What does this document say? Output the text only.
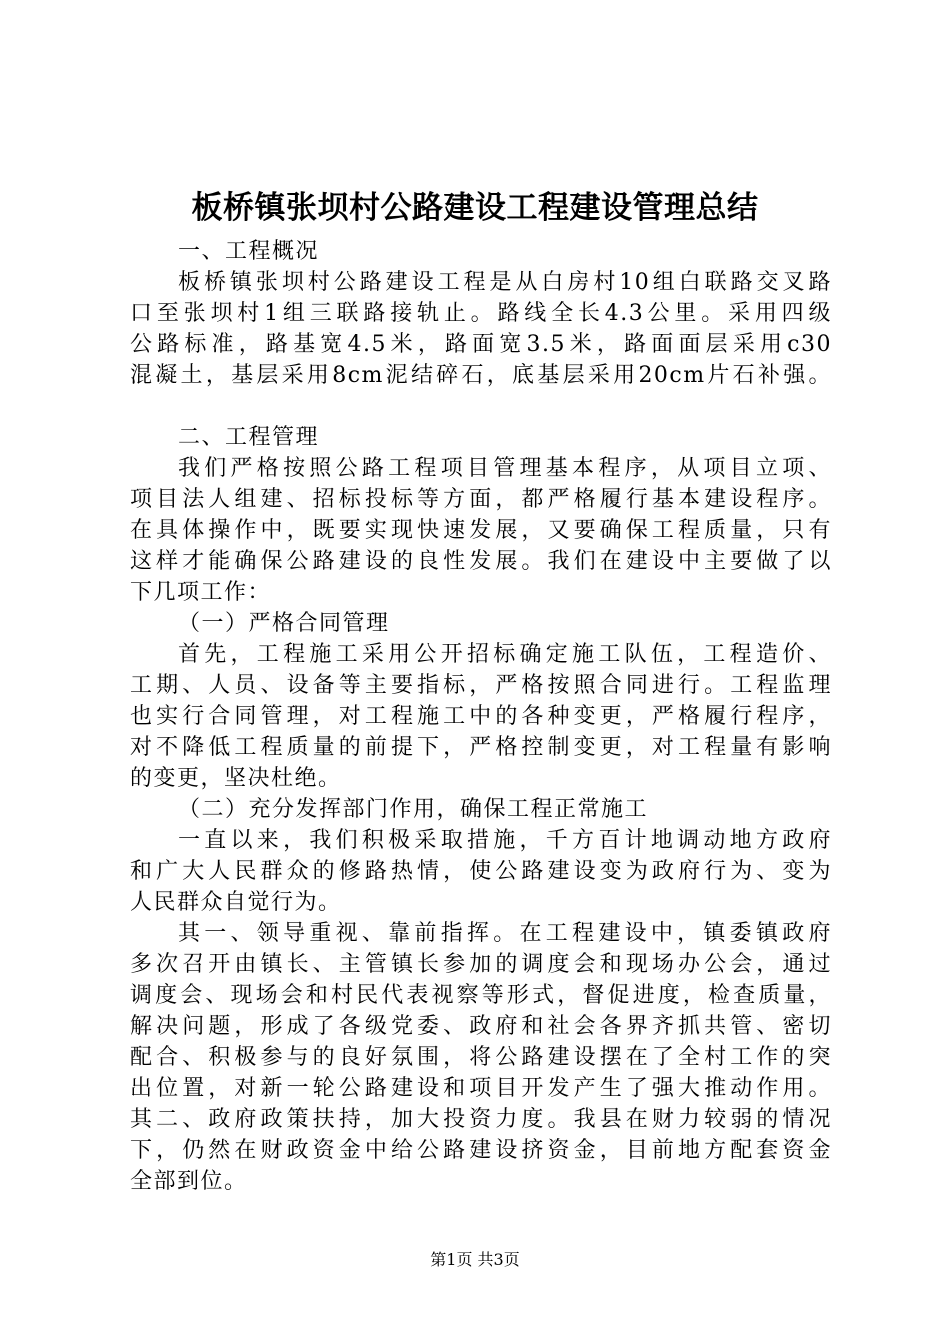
板桥镇张坝村公路建设工程建设管理总结
一、工程概况
板桥镇张坝村公路建设工程是从白房村10组白联路交叉路
口至张坝村1组三联路接轨止。路线全长4.3公里。采用四级
公路标准，路基宽4.5米，路面宽3.5米，路面面层采用c30
混凝土，基层采用8cm泥结碎石，底基层采用20cm片石补强。
二、工程管理
我们严格按照公路工程项目管理基本程序，从项目立项、
项目法人组建、招标投标等方面，都严格履行基本建设程序。
在具体操作中，既要实现快速发展，又要确保工程质量，只有
这样才能确保公路建设的良性发展。我们在建设中主要做了以
下几项工作：
（一）严格合同管理
首先，工程施工采用公开招标确定施工队伍，工程造价、
工期、人员、设备等主要指标，严格按照合同进行。工程监理
也实行合同管理，对工程施工中的各种变更，严格履行程序，
对不降低工程质量的前提下，严格控制变更，对工程量有影响
的变更，坚决杜绝。
（二）充分发挥部门作用，确保工程正常施工
一直以来，我们积极采取措施，千方百计地调动地方政府
和广大人民群众的修路热情，使公路建设变为政府行为、变为
人民群众自觉行为。
其一、领导重视、靠前指挥。在工程建设中，镇委镇政府
多次召开由镇长、主管镇长参加的调度会和现场办公会，通过
调度会、现场会和村民代表视察等形式，督促进度，检查质量，
解决问题，形成了各级党委、政府和社会各界齐抓共管、密切
配合、积极参与的良好氛围，将公路建设摆在了全村工作的突
出位置，对新一轮公路建设和项目开发产生了强大推动作用。
其二、政府政策扶持，加大投资力度。我县在财力较弱的情况
下，仍然在财政资金中给公路建设挤资金，目前地方配套资金
全部到位。
第1页 共3页
